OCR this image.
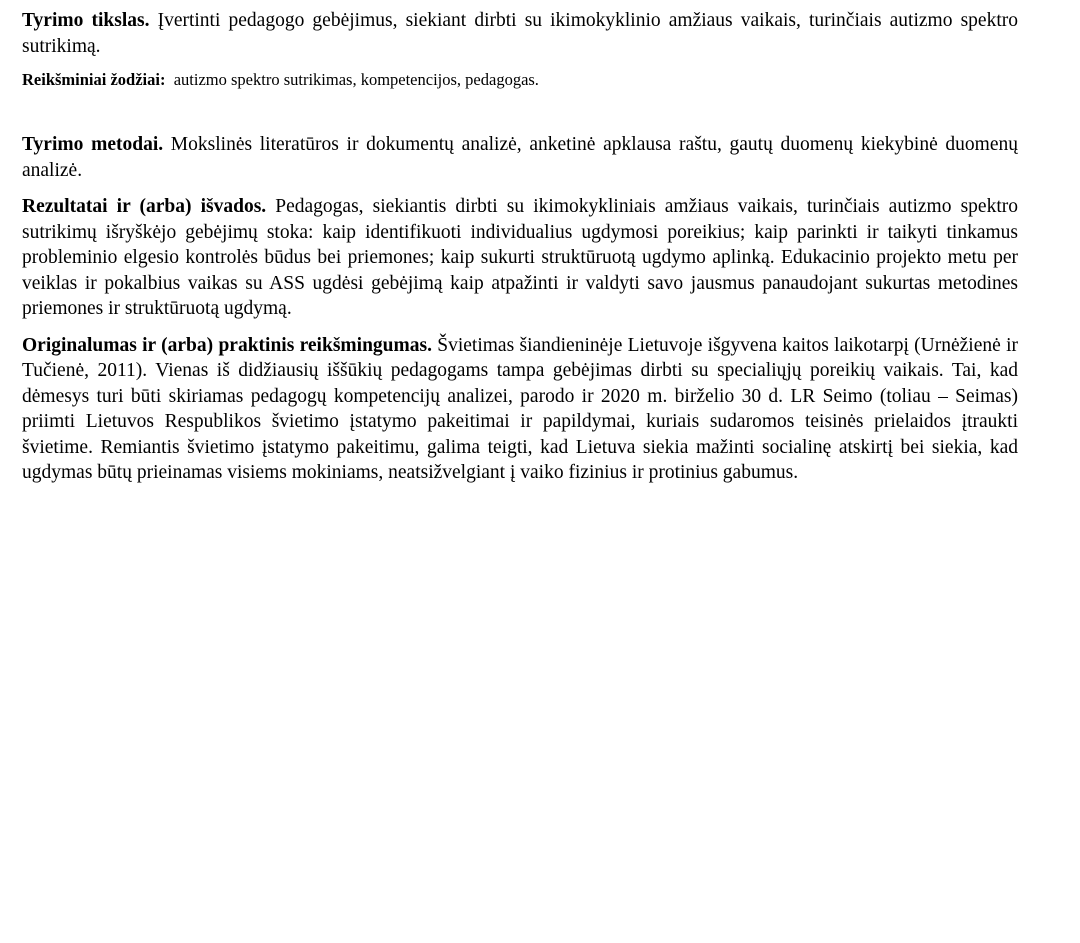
Tyrimo tikslas. Įvertinti pedagogo gebėjimus, siekiant dirbti su ikimokyklinio amžiaus vaikais, turinčiais autizmo spektro sutrikimą.

Reikšminiai žodžiai:  autizmo spektro sutrikimas, kompetencijos, pedagogas.

Tyrimo metodai. Mokslinės literatūros ir dokumentų analizė, anketinė apklausa raštu, gautų duomenų kiekybinė duomenų analizė.

Rezultatai ir (arba) išvados. Pedagogas, siekiantis dirbti su ikimokykliniais amžiaus vaikais, turinčiais autizmo spektro sutrikimų išryškėjo gebėjimų stoka: kaip identifikuoti individualius ugdymosi poreikius; kaip parinkti ir taikyti tinkamus probleminio elgesio kontrolės būdus bei priemones; kaip sukurti struktūruotą ugdymo aplinką. Edukacinio projekto metu per veiklas ir pokalbius vaikas su ASS ugdėsi gebėjimą kaip atpažinti ir valdyti savo jausmus panaudojant sukurtas metodines priemones ir struktūruotą ugdymą.

Originalumas ir (arba) praktinis reikšmingumas. Švietimas šiandieninėje Lietuvoje išgyvena kaitos laikotarpį (Urnėžienė ir Tučienė, 2011). Vienas iš didžiausių iššūkių pedagogams tampa gebėjimas dirbti su specialiųjų poreikių vaikais. Tai, kad dėmesys turi būti skiriamas pedagogų kompetencijų analizei, parodo ir 2020 m. birželio 30 d. LR Seimo (toliau – Seimas) priimti Lietuvos Respublikos švietimo įstatymo pakeitimai ir papildymai, kuriais sudaromos teisinės prielaidos įtraukti švietime. Remiantis švietimo įstatymo pakeitimu, galima teigti, kad Lietuva siekia mažinti socialinę atskirtį bei siekia, kad ugdymas būtų prieinamas visiems mokiniams, neatsižvelgiant į vaiko fizinius ir protinius gabumus.
